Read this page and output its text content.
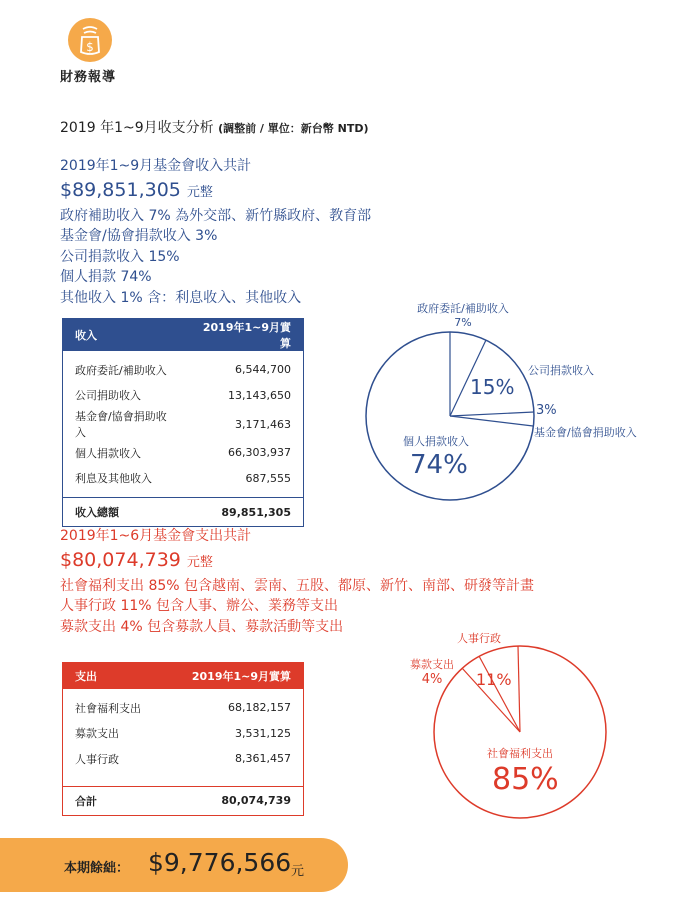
$
財務報導
2019 年1~9月收支分析 (調整前 / 單位：新台幣 NTD)
2019年1~9月基金會收入共計
$89,851,305 元整
政府補助收入 7% 為外交部、新竹縣政府、教育部
基金會/協會捐款收入 3%
公司捐款收入 15%
個人捐款 74%
其他收入 1% 含：利息收入、其他收入
收入	2019年1~9月實算

政府委託/補助收入	6,544,700
公司捐助收入	13,143,650
基金會/協會捐助收入	3,171,463
個人捐款收入	66,303,937
利息及其他收入	687,555

收入總額	89,851,305
政府委託/補助收入
7%
公司捐款收入
15%
3%
基金會/協會捐助收入
個人捐款收入
74%
2019年1~6月基金會支出共計
$80,074,739 元整
社會福利支出 85% 包含越南、雲南、五股、都原、新竹、南部、研發等計畫
人事行政 11% 包含人事、辦公、業務等支出
募款支出 4% 包含募款人員、募款活動等支出
支出	2019年1~9月實算

社會福利支出	68,182,157
募款支出	3,531,125
人事行政	8,361,457

合計	80,074,739
人事行政
11%
募款支出
4%
社會福利支出
85%
本期餘絀： $9,776,566 元
